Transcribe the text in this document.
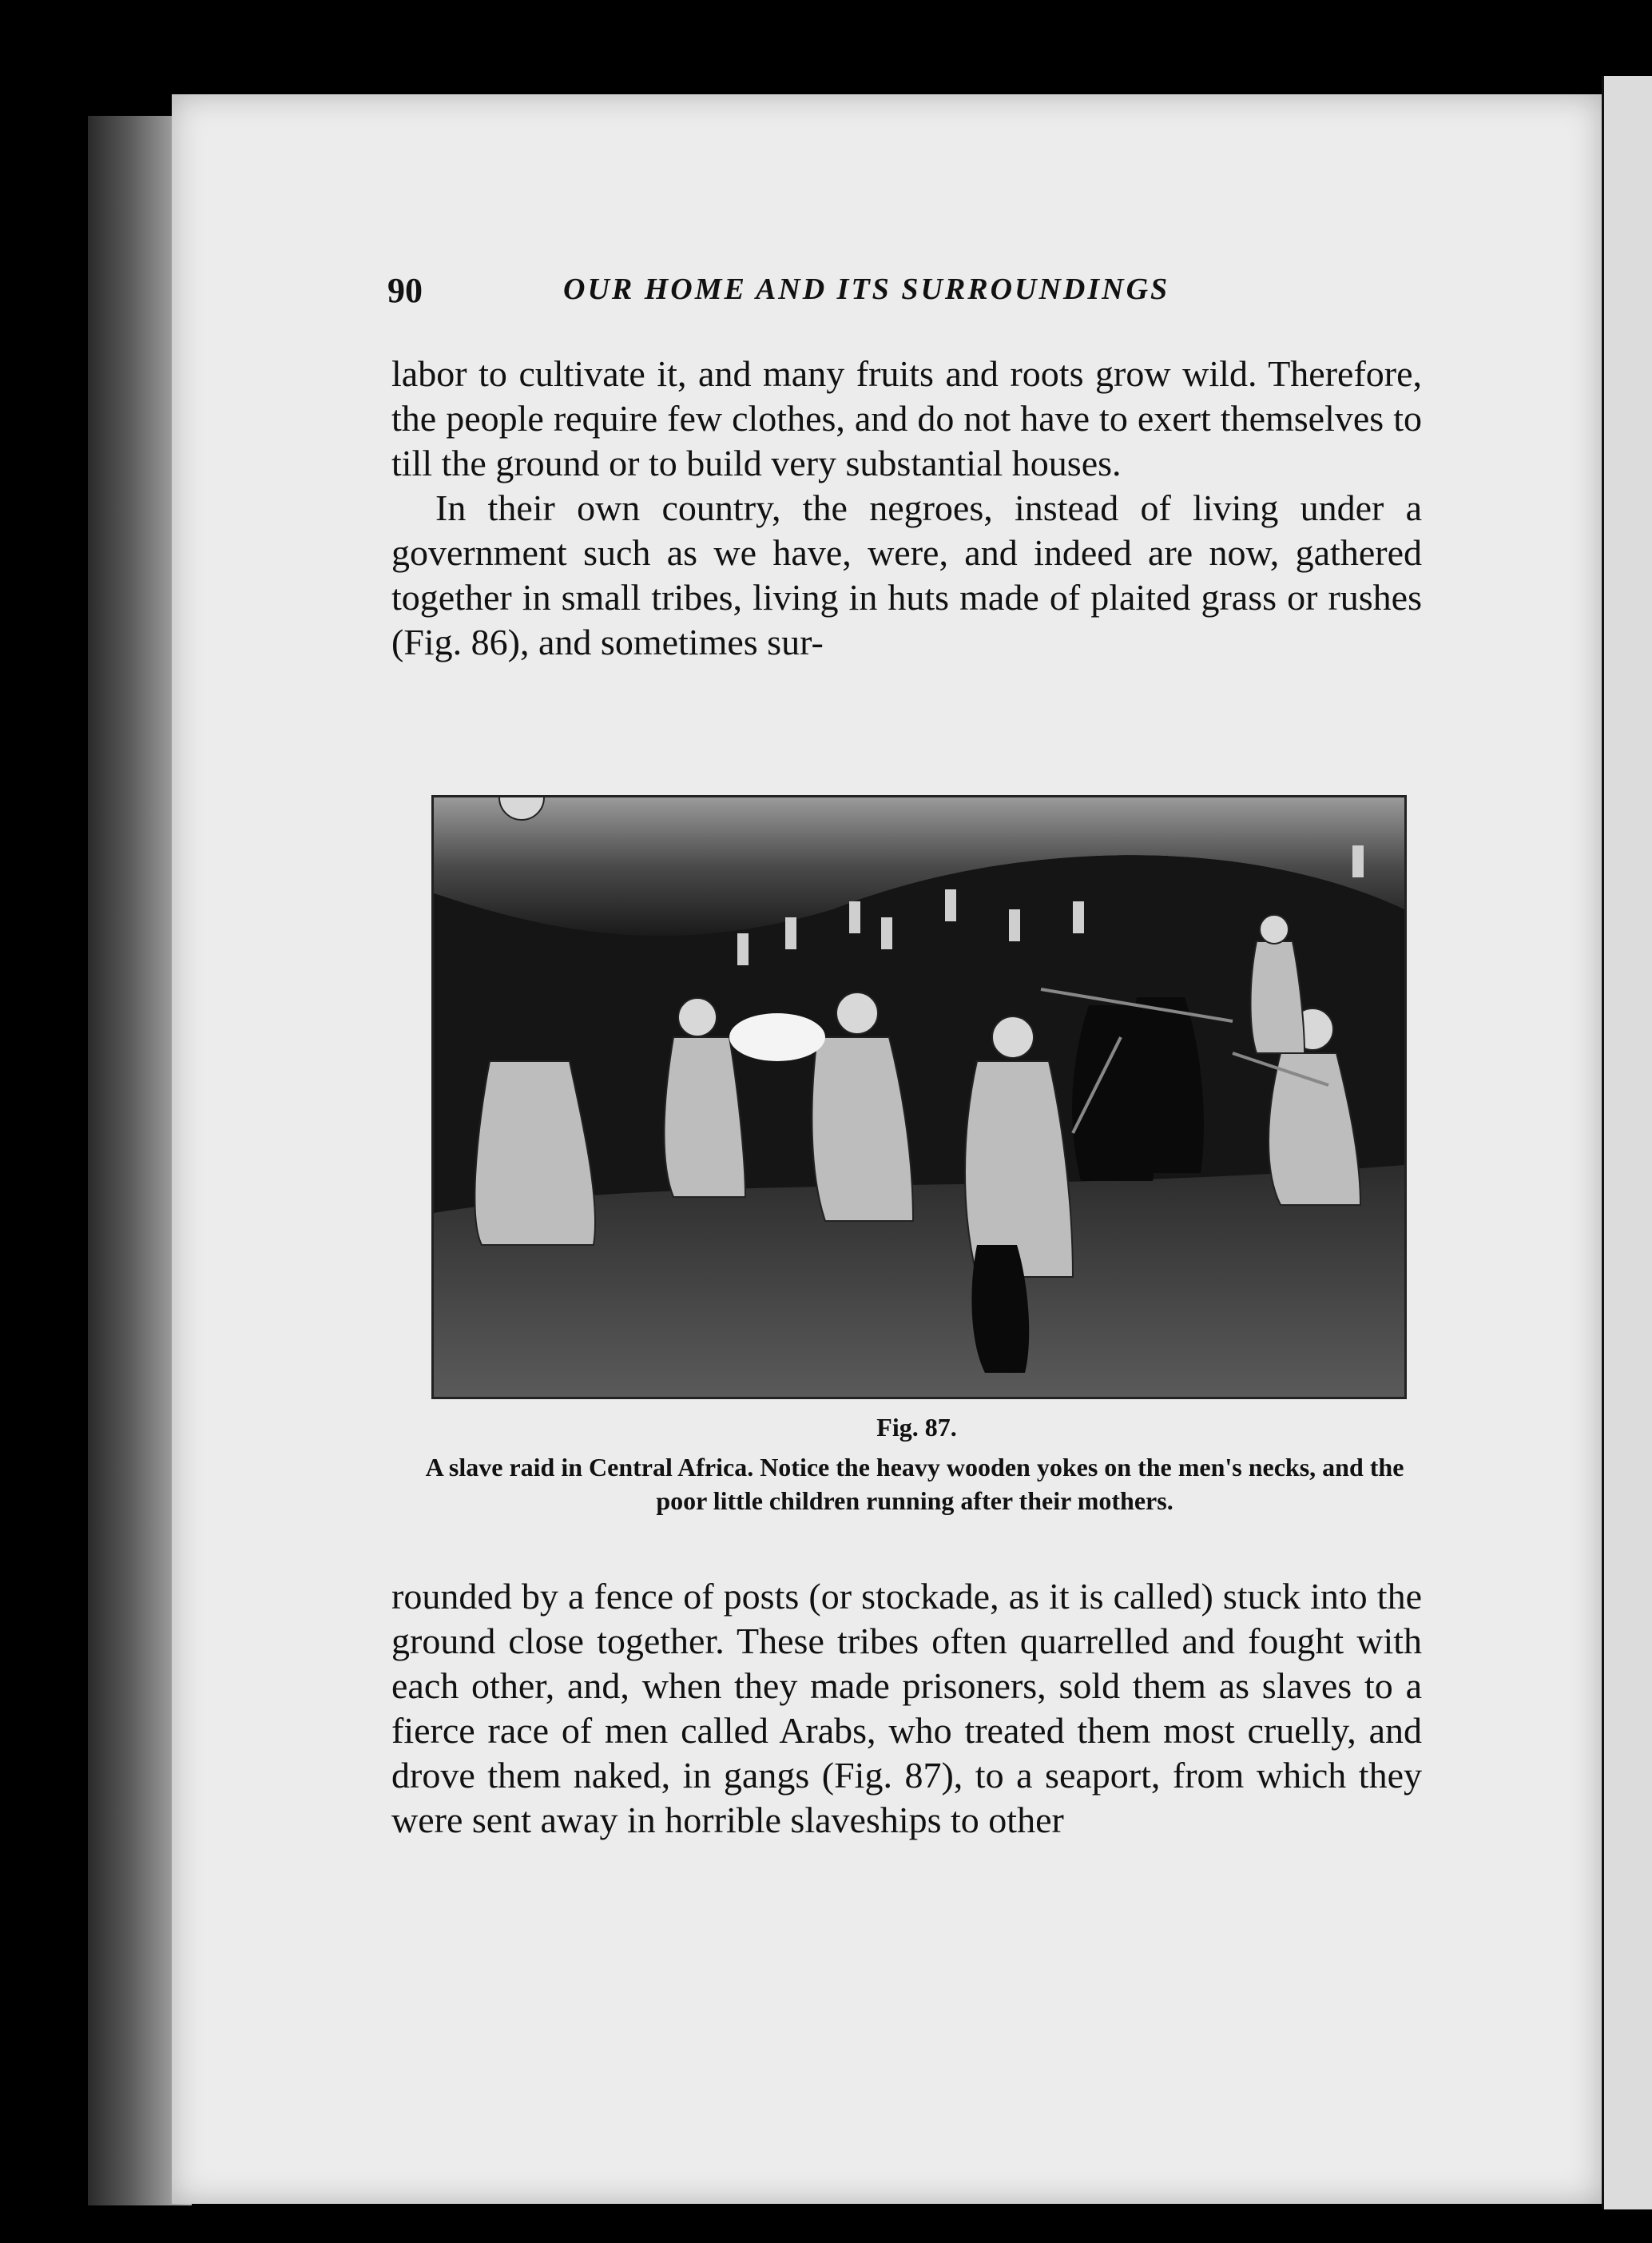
90	OUR HOME AND ITS SURROUNDINGS

labor to cultivate it, and many fruits and roots grow wild. Therefore, the people require few clothes, and do not have to exert themselves to till the ground or to build very substantial houses.

In their own country, the negroes, instead of living under a government such as we have, were, and indeed are now, gathered together in small tribes, living in huts made of plaited grass or rushes (Fig. 86), and sometimes sur-

Fig. 87.
A slave raid in Central Africa. Notice the heavy wooden yokes on the men's necks, and the poor little children running after their mothers.

rounded by a fence of posts (or stockade, as it is called) stuck into the ground close together. These tribes often quarrelled and fought with each other, and, when they made prisoners, sold them as slaves to a fierce race of men called Arabs, who treated them most cruelly, and drove them naked, in gangs (Fig. 87), to a seaport, from which they were sent away in horrible slaveships to other
